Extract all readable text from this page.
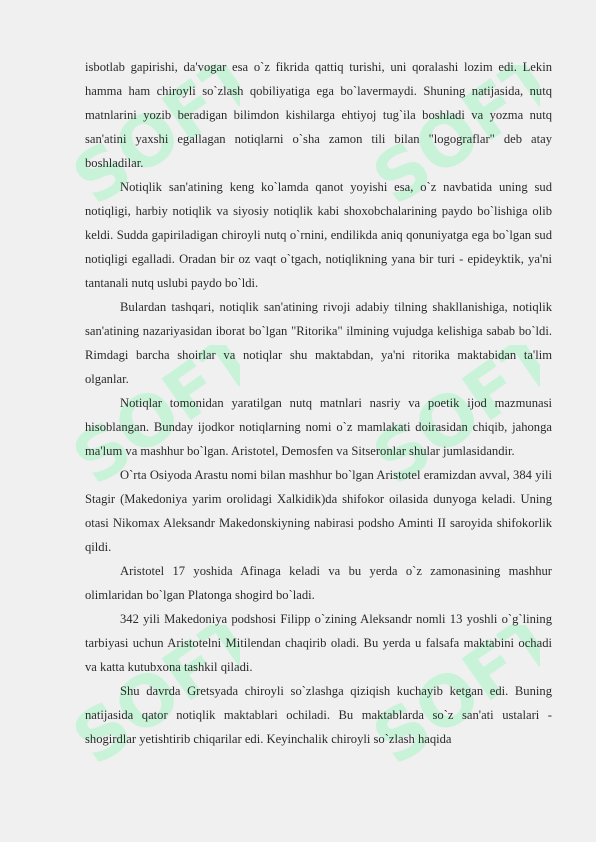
SOFT SOFT
SOFT SOFT
SOFT SOFT

isbotlab gapirishi, da'vogar esa o`z fikrida qattiq turishi, uni qoralashi lozim edi. Lekin hamma ham chiroyli so`zlash qobiliyatiga ega bo`lavermaydi. Shuning natijasida, nutq matnlarini yozib beradigan bilimdon kishilarga ehtiyoj tug`ila boshladi va yozma nutq san'atini yaxshi egallagan notiqlarni o`sha zamon tili bilan "logograflar" deb atay boshladilar.

Notiqlik san'atining keng ko`lamda qanot yoyishi esa, o`z navbatida uning sud notiqligi, harbiy notiqlik va siyosiy notiqlik kabi shoxobchalarining paydo bo`lishiga olib keldi. Sudda gapiriladigan chiroyli nutq o`rnini, endilikda aniq qonuniyatga ega bo`lgan sud notiqligi egalladi. Oradan bir oz vaqt o`tgach, notiqlikning yana bir turi - epideyktik, ya'ni tantanali nutq uslubi paydo bo`ldi.

Bulardan tashqari, notiqlik san'atining rivoji adabiy tilning shakllanishiga, notiqlik san'atining nazariyasidan iborat bo`lgan "Ritorika" ilmining vujudga kelishiga sabab bo`ldi. Rimdagi barcha shoirlar va notiqlar shu maktabdan, ya'ni ritorika maktabidan ta'lim olganlar.

Notiqlar tomonidan yaratilgan nutq matnlari nasriy va poetik ijod mazmunasi hisoblangan. Bunday ijodkor notiqlarning nomi o`z mamlakati doirasidan chiqib, jahonga ma'lum va mashhur bo`lgan. Aristotel, Demosfen va Sitseronlar shular jumlasidandir.

O`rta Osiyoda Arastu nomi bilan mashhur bo`lgan Aristotel eramizdan avval, 384 yili Stagir (Makedoniya yarim orolidagi Xalkidik)da shifokor oilasida dunyoga keladi. Uning otasi Nikomax Aleksandr Makedonskiyning nabirasi podsho Aminti II saroyida shifokorlik qildi.

Aristotel 17 yoshida Afinaga keladi va bu yerda o`z zamonasining mashhur olimlaridan bo`lgan Platonga shogird bo`ladi.

342 yili Makedoniya podshosi Filipp o`zining Aleksandr nomli 13 yoshli o`g`lining tarbiyasi uchun Aristotelni Mitilendan chaqirib oladi. Bu yerda u falsafa maktabini ochadi va katta kutubxona tashkil qiladi.

Shu davrda Gretsyada chiroyli so`zlashga qiziqish kuchayib ketgan edi. Buning natijasida qator notiqlik maktablari ochiladi. Bu maktablarda so`z san'ati ustalari - shogirdlar yetishtirib chiqarilar edi. Keyinchalik chiroyli so`zlash haqida
